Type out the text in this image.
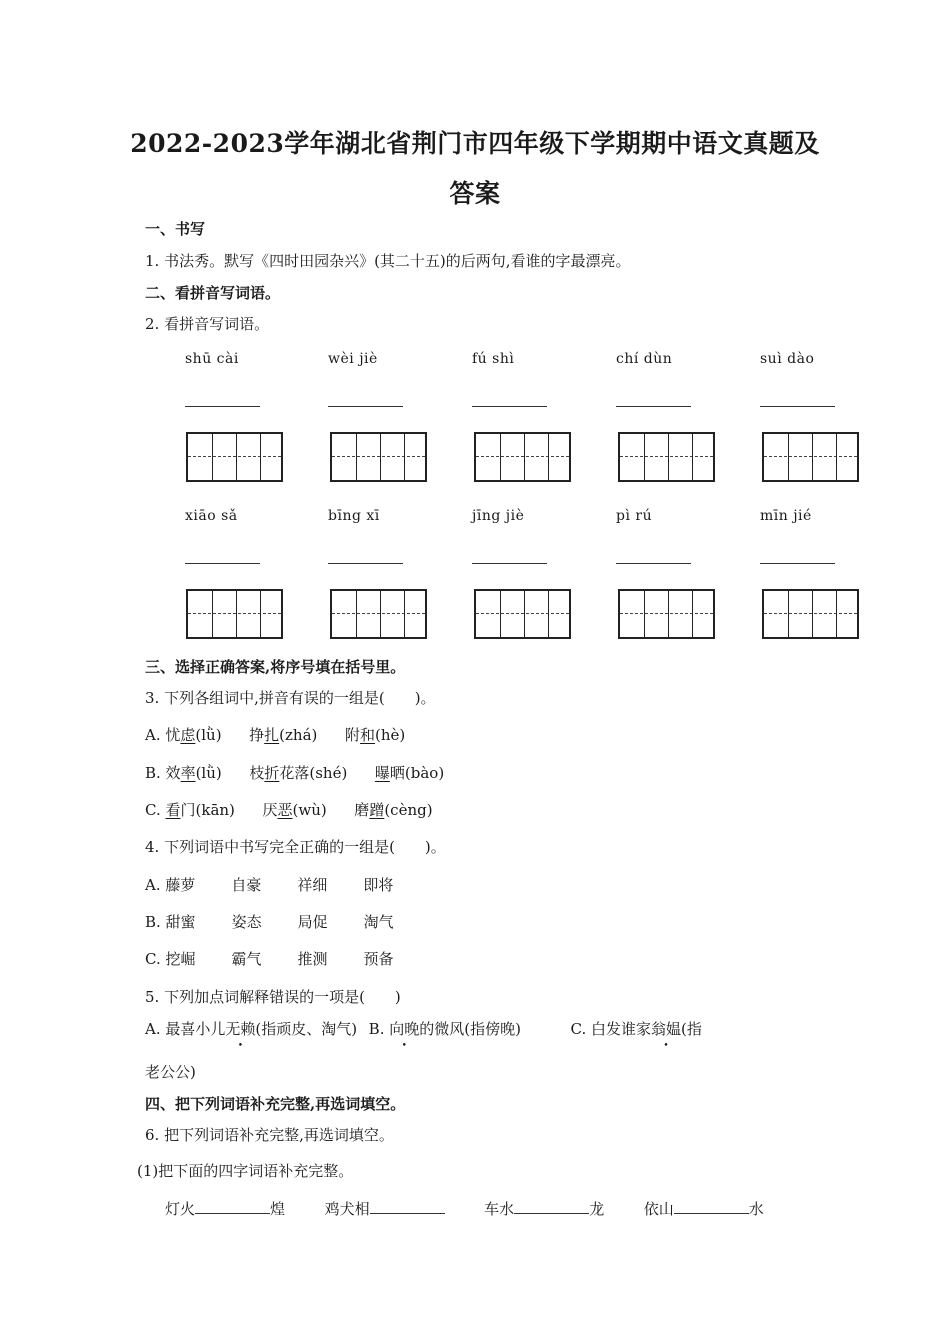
2022-2023学年湖北省荆门市四年级下学期期中语文真题及
答案
一、书写
1. 书法秀。默写《四时田园杂兴》(其二十五)的后两句,看谁的字最漂亮。
二、看拼音写词语。
2. 看拼音写词语。
shū cài	wèi jiè	fú shì	chí dùn	suì dào
xiāo sǎ	bīng xī	jīng jiè	pì rú	mīn jié
三、选择正确答案,将序号填在括号里。
3. 下列各组词中,拼音有误的一组是(　　)。
A. 忧虑(lǜ) 挣扎(zhá) 附和(hè)
B. 效率(lǜ) 枝折花落(shé) 曝晒(bào)
C. 看门(kān) 厌恶(wù) 磨蹭(cèng)
4. 下列词语中书写完全正确的一组是(　　)。
A. 藤萝 自豪 祥细 即将
B. 甜蜜 姿态 局促 淘气
C. 挖崛 霸气 推测 预备
5. 下列加点词解释错误的一项是(　　)
A. 最喜小儿无赖(指顽皮、淘气) B. 向晚的微风(指傍晚)	C. 白发谁家翁媪(指
老公公)
四、把下列词语补充完整,再选词填空。
6. 把下列词语补充完整,再选词填空。
(1)把下面的四字词语补充完整。
灯火	煌	鸡犬相	车水	龙	依山	水
